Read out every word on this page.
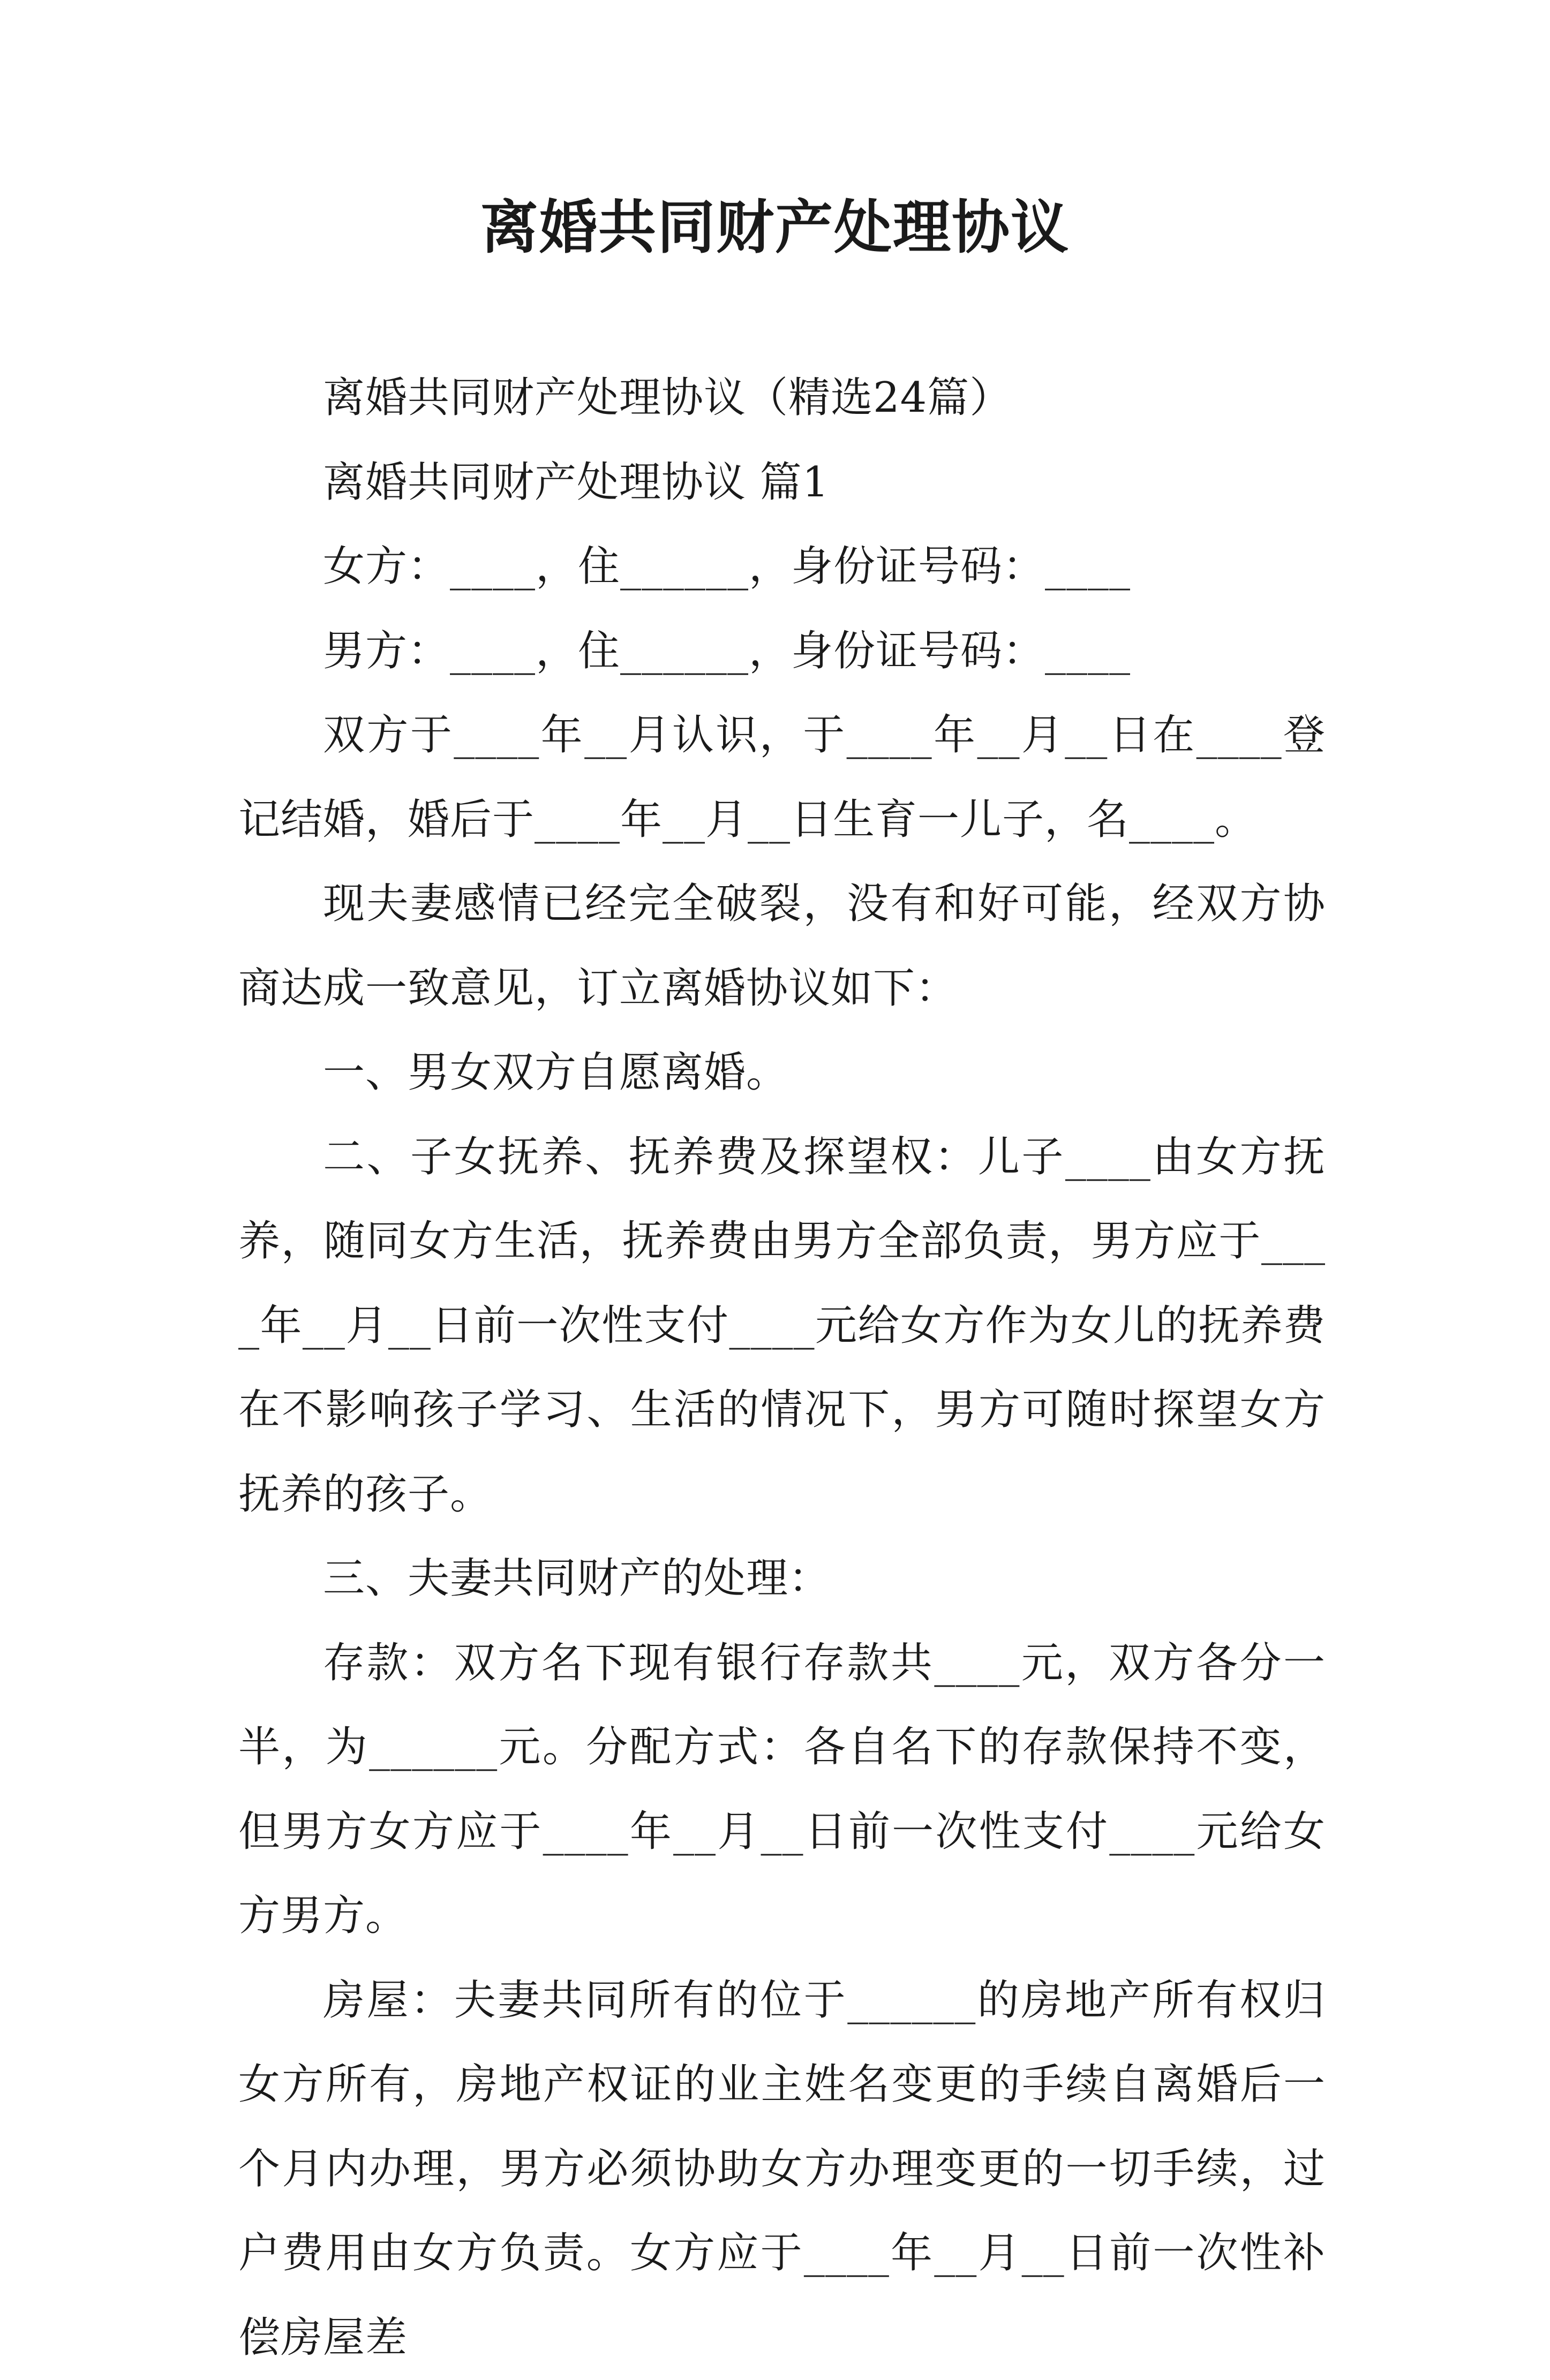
离婚共同财产处理协议

离婚共同财产处理协议（精选24篇）

离婚共同财产处理协议 篇1

女方：____，住______，身份证号码：____

男方：____，住______，身份证号码：____

双方于____年__月认识，于____年__月__日在____登记结婚，婚后于____年__月__日生育一儿子，名____。

现夫妻感情已经完全破裂，没有和好可能，经双方协商达成一致意见，订立离婚协议如下：

一、男女双方自愿离婚。

二、子女抚养、抚养费及探望权：儿子____由女方抚养，随同女方生活，抚养费由男方全部负责，男方应于____年__月__日前一次性支付____元给女方作为女儿的抚养费在不影响孩子学习、生活的情况下，男方可随时探望女方抚养的孩子。

三、夫妻共同财产的处理：

存款：双方名下现有银行存款共____元，双方各分一半，为______元。分配方式：各自名下的存款保持不变，但男方女方应于____年__月__日前一次性支付____元给女方男方。

房屋：夫妻共同所有的位于______的房地产所有权归女方所有，房地产权证的业主姓名变更的手续自离婚后一个月内办理，男方必须协助女方办理变更的一切手续，过户费用由女方负责。女方应于____年__月__日前一次性补偿房屋差
